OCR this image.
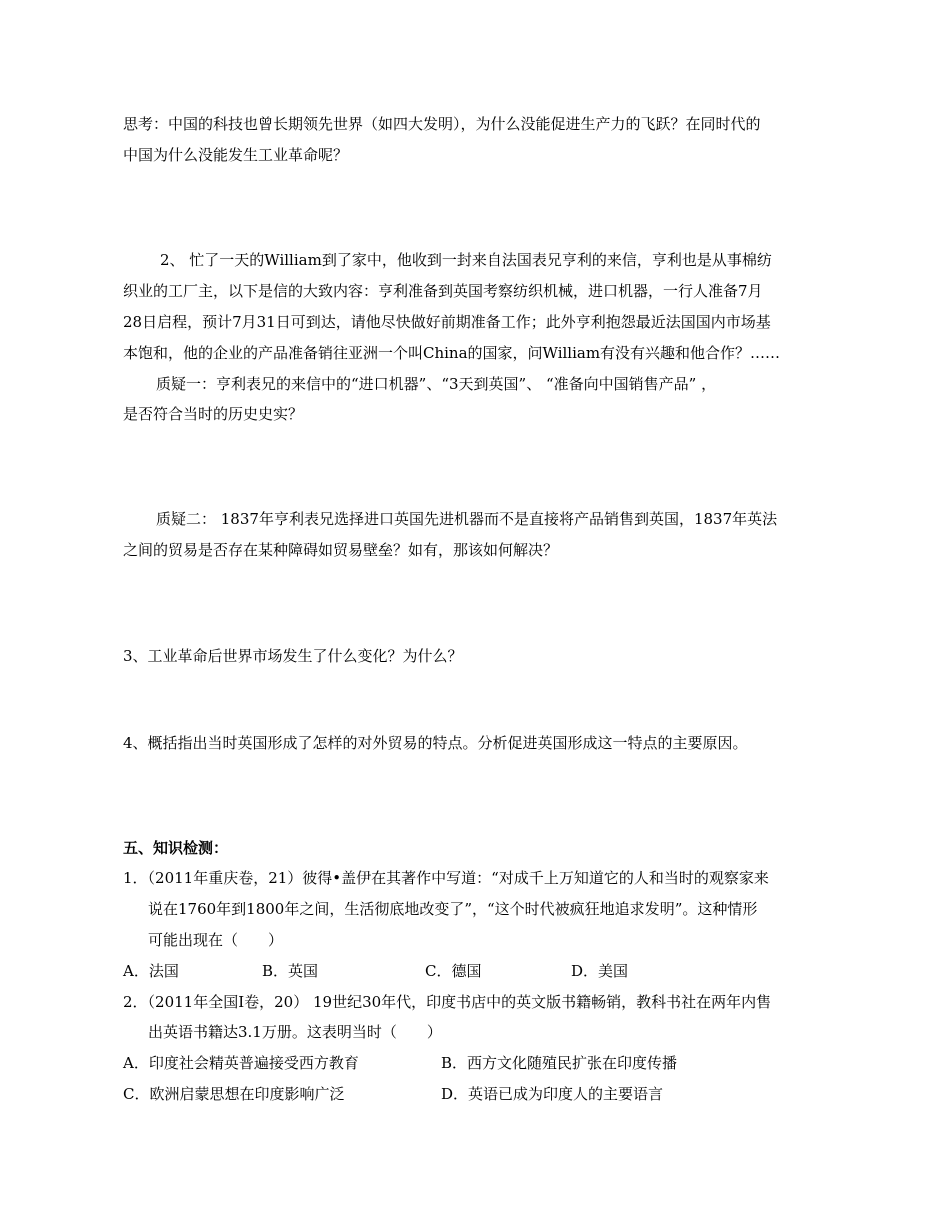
思考：中国的科技也曾长期领先世界（如四大发明），为什么没能促进生产力的飞跃？在同时代的
中国为什么没能发生工业革命呢？
2、 忙了一天的William到了家中，他收到一封来自法国表兄亨利的来信，亨利也是从事棉纺
织业的工厂主，以下是信的大致内容：亨利准备到英国考察纺织机械，进口机器，一行人准备7月
28日启程，预计7月31日可到达，请他尽快做好前期准备工作；此外亨利抱怨最近法国国内市场基
本饱和，他的企业的产品准备销往亚洲一个叫China的国家，问William有没有兴趣和他合作？……
质疑一：亨利表兄的来信中的“进口机器”、“3天到英国”、 “准备向中国销售产品” ，
是否符合当时的历史史实？
质疑二： 1837年亨利表兄选择进口英国先进机器而不是直接将产品销售到英国，1837年英法
之间的贸易是否存在某种障碍如贸易壁垒？如有，那该如何解决？
3、工业革命后世界市场发生了什么变化？为什么？
4、概括指出当时英国形成了怎样的对外贸易的特点。分析促进英国形成这一特点的主要原因。
五、知识检测：
1．（2011年重庆卷，21）彼得•盖伊在其著作中写道：“对成千上万知道它的人和当时的观察家来
说在1760年到1800年之间，生活彻底地改变了”，“这个时代被疯狂地追求发明”。这种情形
可能出现在（　　）
A．法国	B．英国	C．德国	D．美国
2．（2011年全国I卷，20） 19世纪30年代，印度书店中的英文版书籍畅销，教科书社在两年内售
出英语书籍达3.1万册。这表明当时（　　）
A．印度社会精英普遍接受西方教育	B．西方文化随殖民扩张在印度传播
C．欧洲启蒙思想在印度影响广泛	D．英语已成为印度人的主要语言
